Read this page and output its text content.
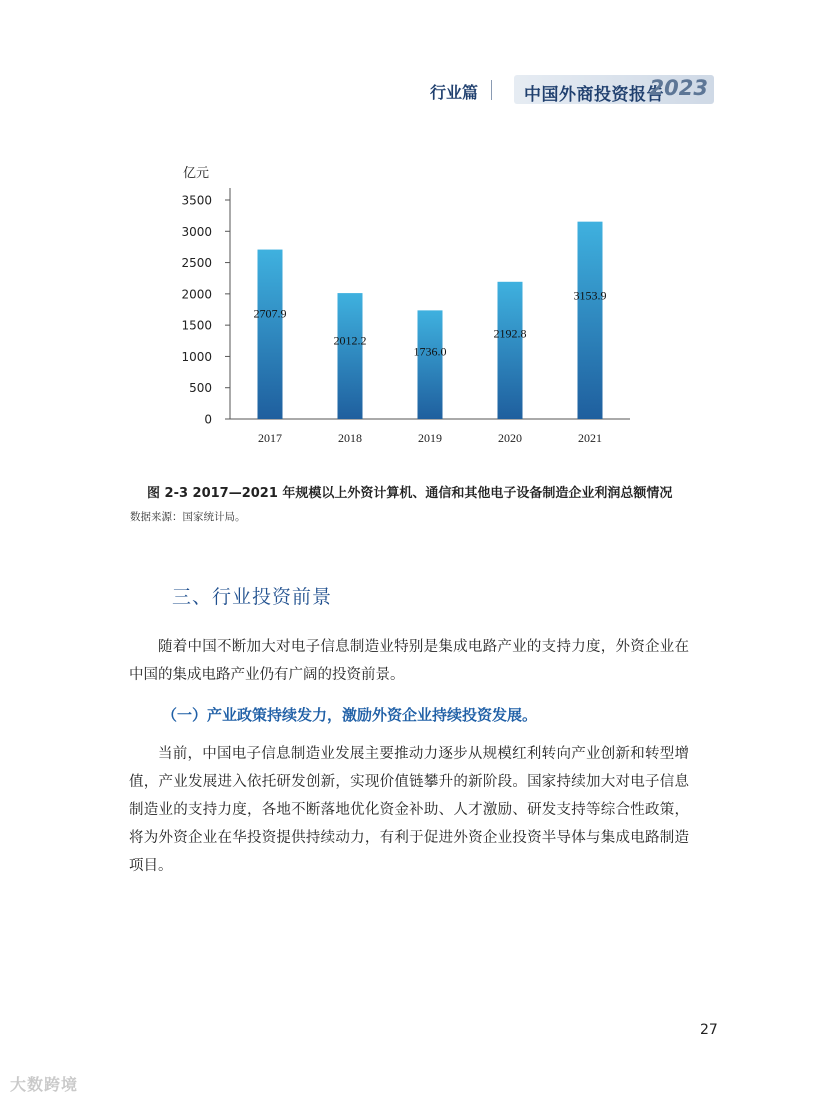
行业篇	中国外商投资报告
2023
亿元
0
500
1000
1500
2000
2500
3000
3500
2017
2707.9
2018
2012.2
2019
1736.0
2020
2192.8
2021
3153.9
图 2-3 2017—2021 年规模以上外资计算机、通信和其他电子设备制造企业利润总额情况
数据来源：国家统计局。
三、行业投资前景

随着中国不断加大对电子信息制造业特别是集成电路产业的支持力度，外资企业在中国的集成电路产业仍有广阔的投资前景。

（一）产业政策持续发力，激励外资企业持续投资发展。

当前，中国电子信息制造业发展主要推动力逐步从规模红利转向产业创新和转型增值，产业发展进入依托研发创新，实现价值链攀升的新阶段。国家持续加大对电子信息制造业的支持力度，各地不断落地优化资金补助、人才激励、研发支持等综合性政策，将为外资企业在华投资提供持续动力，有利于促进外资企业投资半导体与集成电路制造项目。

27
大数跨境
